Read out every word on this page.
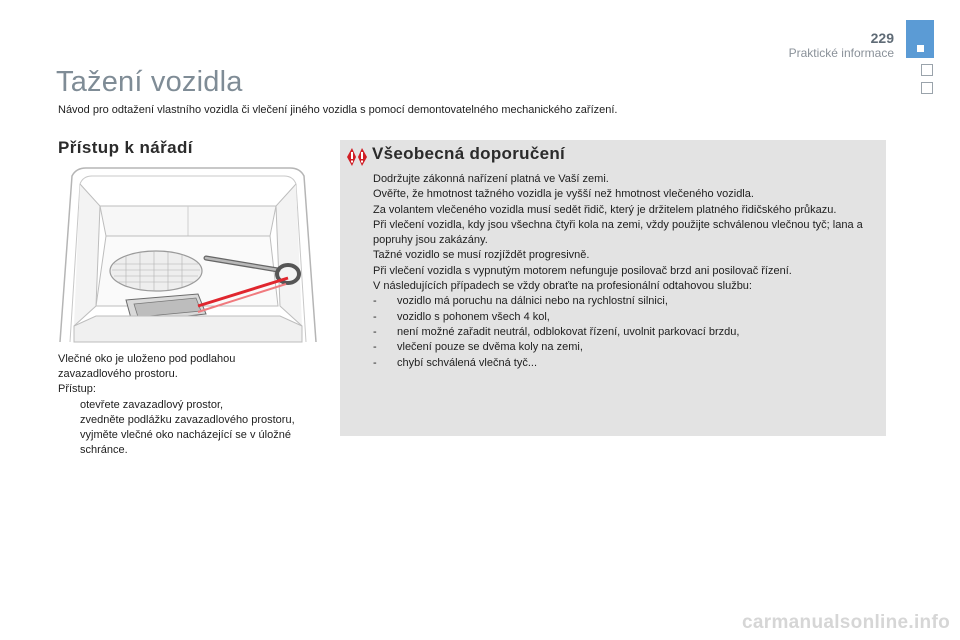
229
Praktické informace
Tažení vozidla

Návod pro odtažení vlastního vozidla či vlečení jiného vozidla s pomocí demontovatelného mechanického zařízení.

Přístup k nářadí
Vlečné oko je uloženo pod podlahou
zavazadlového prostoru.
Přístup:
otevřete zavazadlový prostor,
zvedněte podlážku zavazadlového prostoru,
vyjměte vlečné oko nacházející se v úložné schránce.
Všeobecná doporučení
Dodržujte zákonná nařízení platná ve Vaší zemi.
Ověřte, že hmotnost tažného vozidla je vyšší než hmotnost vlečeného vozidla.
Za volantem vlečeného vozidla musí sedět řidič, který je držitelem platného řidičského průkazu.
Při vlečení vozidla, kdy jsou všechna čtyři kola na zemi, vždy použijte schválenou vlečnou tyč; lana a popruhy jsou zakázány.
Tažné vozidlo se musí rozjíždět progresivně.
Při vlečení vozidla s vypnutým motorem nefunguje posilovač brzd ani posilovač řízení.
V následujících případech se vždy obraťte na profesionální odtahovou službu:
-	vozidlo má poruchu na dálnici nebo na rychlostní silnici,
-	vozidlo s pohonem všech 4 kol,
-	není možné zařadit neutrál, odblokovat řízení, uvolnit parkovací brzdu,
-	vlečení pouze se dvěma koly na zemi,
-	chybí schválená vlečná tyč...
carmanualsonline.info
